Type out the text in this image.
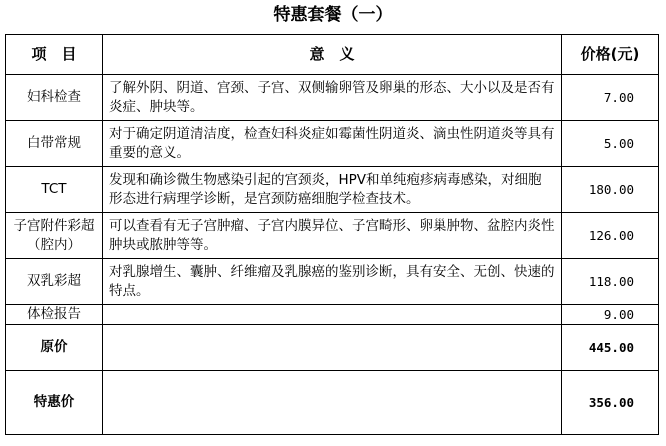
特惠套餐（一）
项　目	意　义	价格(元)
妇科检查	了解外阴、阴道、宫颈、子宫、双侧输卵管及卵巢的形态、大小以及是否有炎症、肿块等。	7.00
白带常规	对于确定阴道清洁度，检查妇科炎症如霉菌性阴道炎、滴虫性阴道炎等具有重要的意义。	5.00
TCT	发现和确诊微生物感染引起的宫颈炎，HPV和单纯疱疹病毒感染，对细胞形态进行病理学诊断，是宫颈防癌细胞学检查技术。	180.00
子宫附件彩超（腔内）	可以查看有无子宫肿瘤、子宫内膜异位、子宫畸形、卵巢肿物、盆腔内炎性肿块或脓肿等等。	126.00
双乳彩超	对乳腺增生、囊肿、纤维瘤及乳腺癌的鉴别诊断，具有安全、无创、快速的特点。	118.00
体检报告		9.00
原价		445.00
特惠价		356.00
